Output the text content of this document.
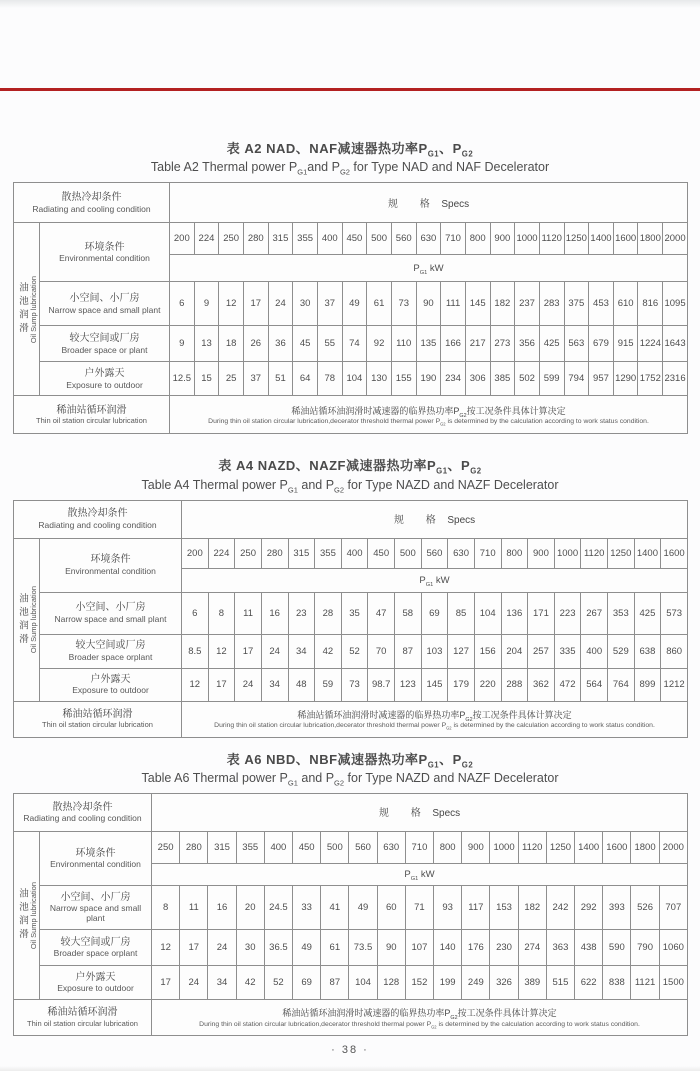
表 A2 NAD、NAF减速器热功率$P_{G1}$、$P_{G2}$
Table A2 Thermal power $P_{G1}and$ $P_{G2}$ for Type NAD and NAF Decelerator
散热冷却条件
Radiating and cooling condition		规　格  Specs																				

油池润滑 Oil Sump lubrication

环境条件
Environmental condition
	200	224	250	280	315	355	400	450	500	560	630	710	800	900	1000	1120	1250	1400	1600	1800	2000
		$P_{G1}$ kW																				

	小空间、小厂房
Narrow space and small plant	6	9	12	17	24	30	37	49	61	73	90	111	145	182	237	283	375	453	610	816	1095

	较大空间或厂房
Broader space or plant	9	13	18	26	36	45	55	74	92	110	135	166	217	273	356	425	563	679	915	1224	1643

	户外露天
Exposure to outdoor	12.5	15	25	37	51	64	78	104	130	155	190	234	306	385	502	599	794	957	1290	1752	2316

稀油站循环润滑
Thin oil station circular lubrication

稀油站循环油润滑时减速器的临界热功率$P_{G2}$按工况条件具体计算决定
During thin oil station circular lubrication,decerator threshold thermal power $P_{G2}$ is determined by the calculation according to work status condition.
表 A4 NAZD、NAZF减速器热功率$P_{G1}$、$P_{G2}$
Table A4 Thermal power $P_{G1}$ and $P_{G2}$ for Type NAZD and NAZF Decelerator
散热冷却条件
Radiating and cooling condition		规　格  Specs																		

油池润滑 Oil Sump lubrication

环境条件
Environmental condition
	200	224	250	280	315	355	400	450	500	560	630	710	800	900	1000	1120	1250	1400	1600
		$P_{G1}$ kW																		

	小空间、小厂房
Narrow space and small plant	6	8	11	16	23	28	35	47	58	69	85	104	136	171	223	267	353	425	573

	较大空间或厂房
Broader space orplant	8.5	12	17	24	34	42	52	70	87	103	127	156	204	257	335	400	529	638	860

	户外露天
Exposure to outdoor	12	17	24	34	48	59	73	98.7	123	145	179	220	288	362	472	564	764	899	1212

稀油站循环润滑
Thin oil station circular lubrication

稀油站循环油润滑时减速器的临界热功率$P_{G2}$按工况条件具体计算决定
During thin oil station circular lubrication,decerator threshold thermal power $P_{G2}$ is determined by the calculation according to work status condition.
表 A6 NBD、NBF减速器热功率$P_{G1}$、$P_{G2}$
Table A6 Thermal power $P_{G1}$ and $P_{G2}$ for Type NAZD and NAZF Decelerator
散热冷却条件
Radiating and cooling condition		规　格  Specs																		

油池润滑 Oil Sump lubrication

环境条件
Environmental condition
	250	280	315	355	400	450	500	560	630	710	800	900	1000	1120	1250	1400	1600	1800	2000
		$P_{G1}$ kW																		

	小空间、小厂房
Narrow space and small plant	8	11	16	20	24.5	33	41	49	60	71	93	117	153	182	242	292	393	526	707

	较大空间或厂房
Broader space orplant	12	17	24	30	36.5	49	61	73.5	90	107	140	176	230	274	363	438	590	790	1060

	户外露天
Exposure to outdoor	17	24	34	42	52	69	87	104	128	152	199	249	326	389	515	622	838	1121	1500

稀油站循环润滑
Thin oil station circular lubrication

稀油站循环油润滑时减速器的临界热功率$P_{G2}$按工况条件具体计算决定
During thin oil station circular lubrication,decerator threshold thermal power $P_{G2}$ is determined by the calculation according to work status condition.
· 38 ·
